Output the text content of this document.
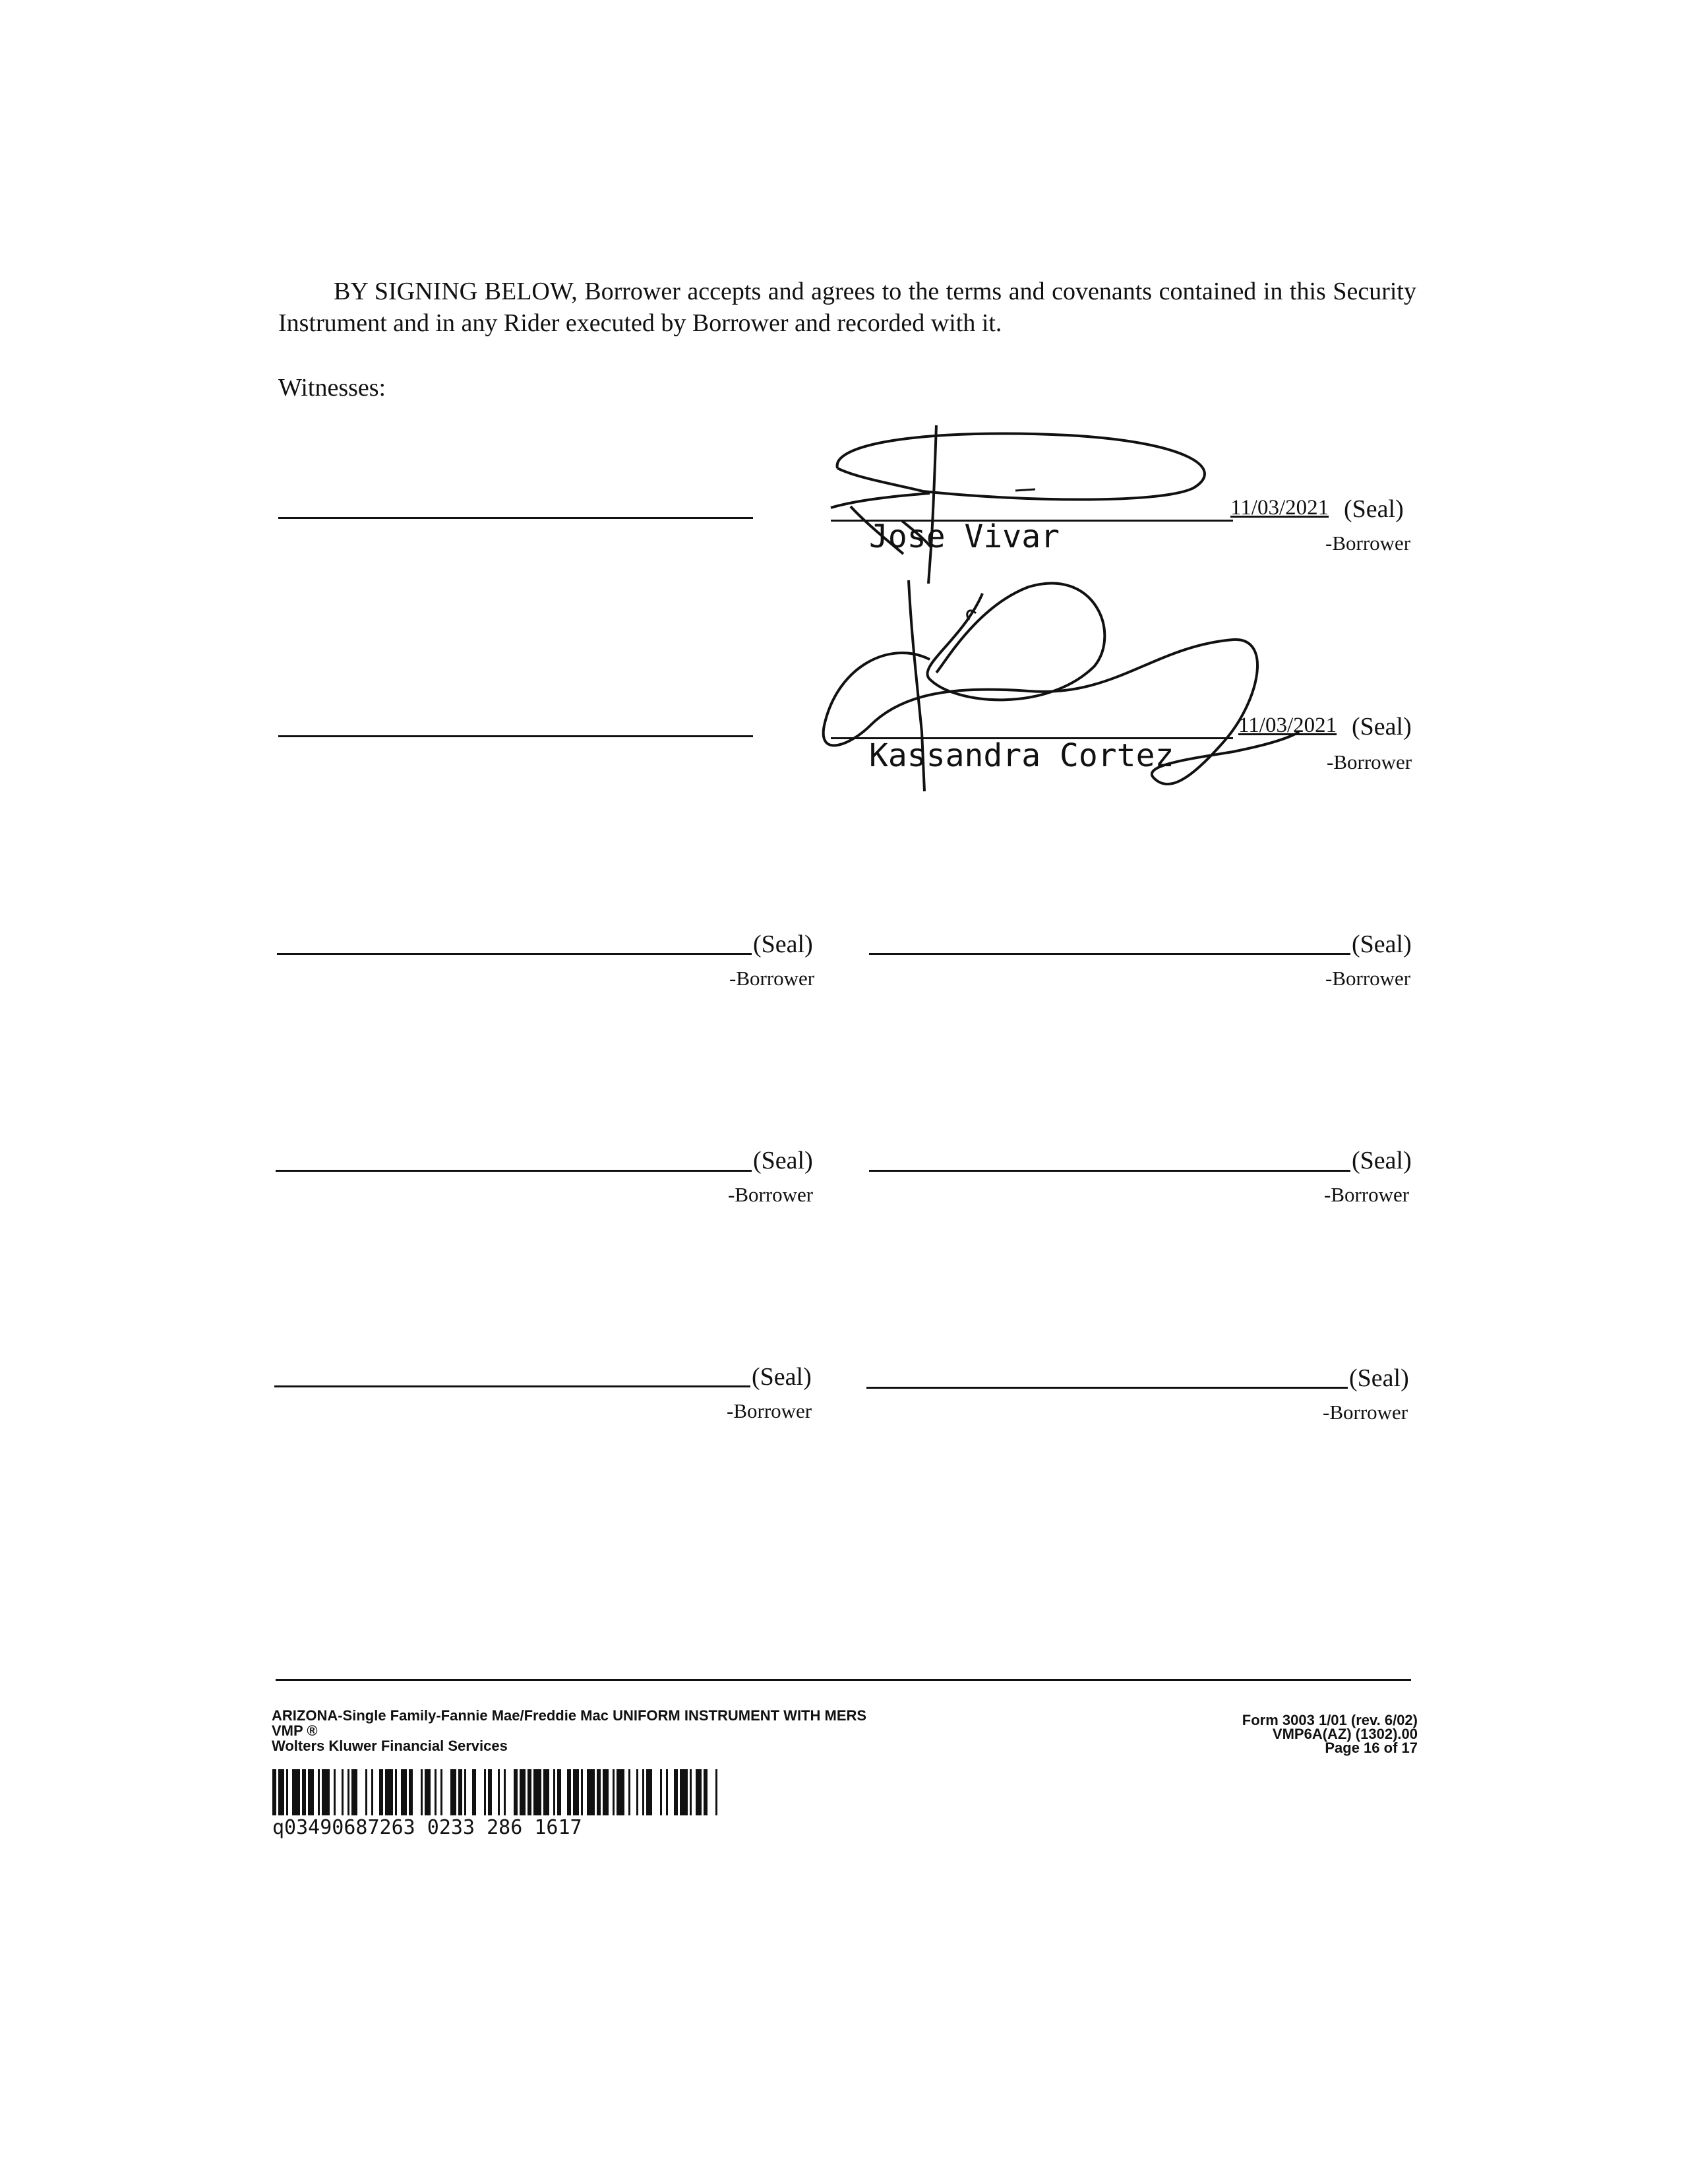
BY SIGNING BELOW, Borrower accepts and agrees to the terms and covenants contained in this Security Instrument and in any Rider executed by Borrower and recorded with it.
Witnesses:
11/03/2021 (Seal)
Jose Vivar	-Borrower
11/03/2021 (Seal)
Kassandra Cortez	-Borrower
(Seal)
-Borrower
(Seal)
-Borrower
(Seal)
-Borrower
(Seal)
-Borrower
(Seal)
-Borrower
(Seal)
-Borrower
ARIZONA-Single Family-Fannie Mae/Freddie Mac UNIFORM INSTRUMENT WITH MERS
VMP ®
Wolters Kluwer Financial Services
Form 3003 1/01 (rev. 6/02)
VMP6A(AZ) (1302).00
Page 16 of 17
q03490687263 0233 286 1617
